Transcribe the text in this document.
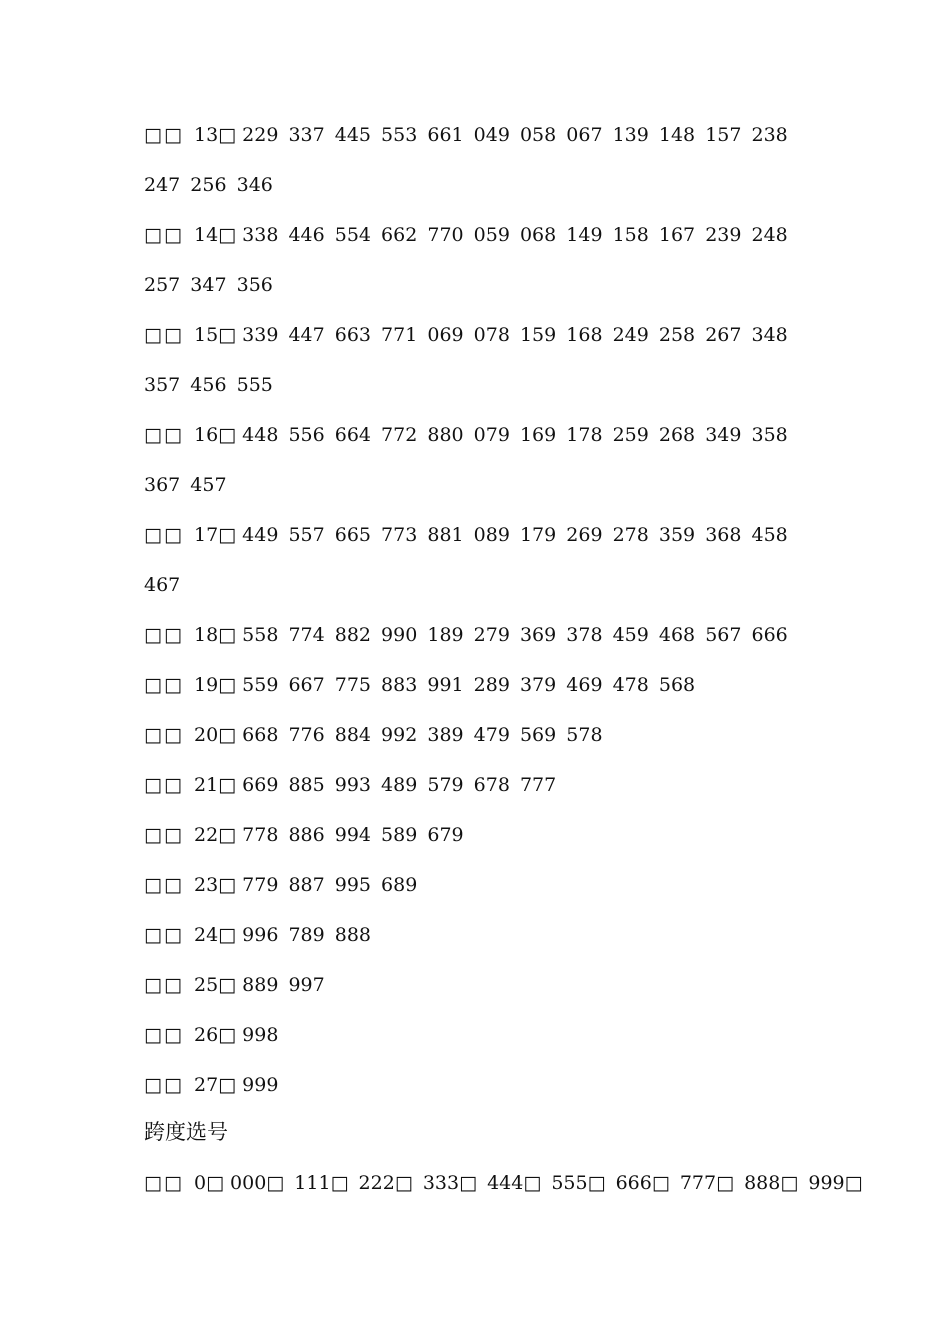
□□ 13□ 229 337 445 553 661 049 058 067 139 148 157 238 247 256 346
□□ 14□ 338 446 554 662 770 059 068 149 158 167 239 248 257 347 356
□□ 15□ 339 447 663 771 069 078 159 168 249 258 267 348 357 456 555
□□ 16□ 448 556 664 772 880 079 169 178 259 268 349 358 367 457
□□ 17□ 449 557 665 773 881 089 179 269 278 359 368 458 467
□□ 18□ 558 774 882 990 189 279 369 378 459 468 567 666
□□ 19□ 559 667 775 883 991 289 379 469 478 568
□□ 20□ 668 776 884 992 389 479 569 578
□□ 21□ 669 885 993 489 579 678 777
□□ 22□ 778 886 994 589 679
□□ 23□ 779 887 995 689
□□ 24□ 996 789 888
□□ 25□ 889 997
□□ 26□ 998
□□ 27□ 999
跨度选号
□□ 0□ 000□ 111□ 222□ 333□ 444□ 555□ 666□ 777□ 888□ 999□
